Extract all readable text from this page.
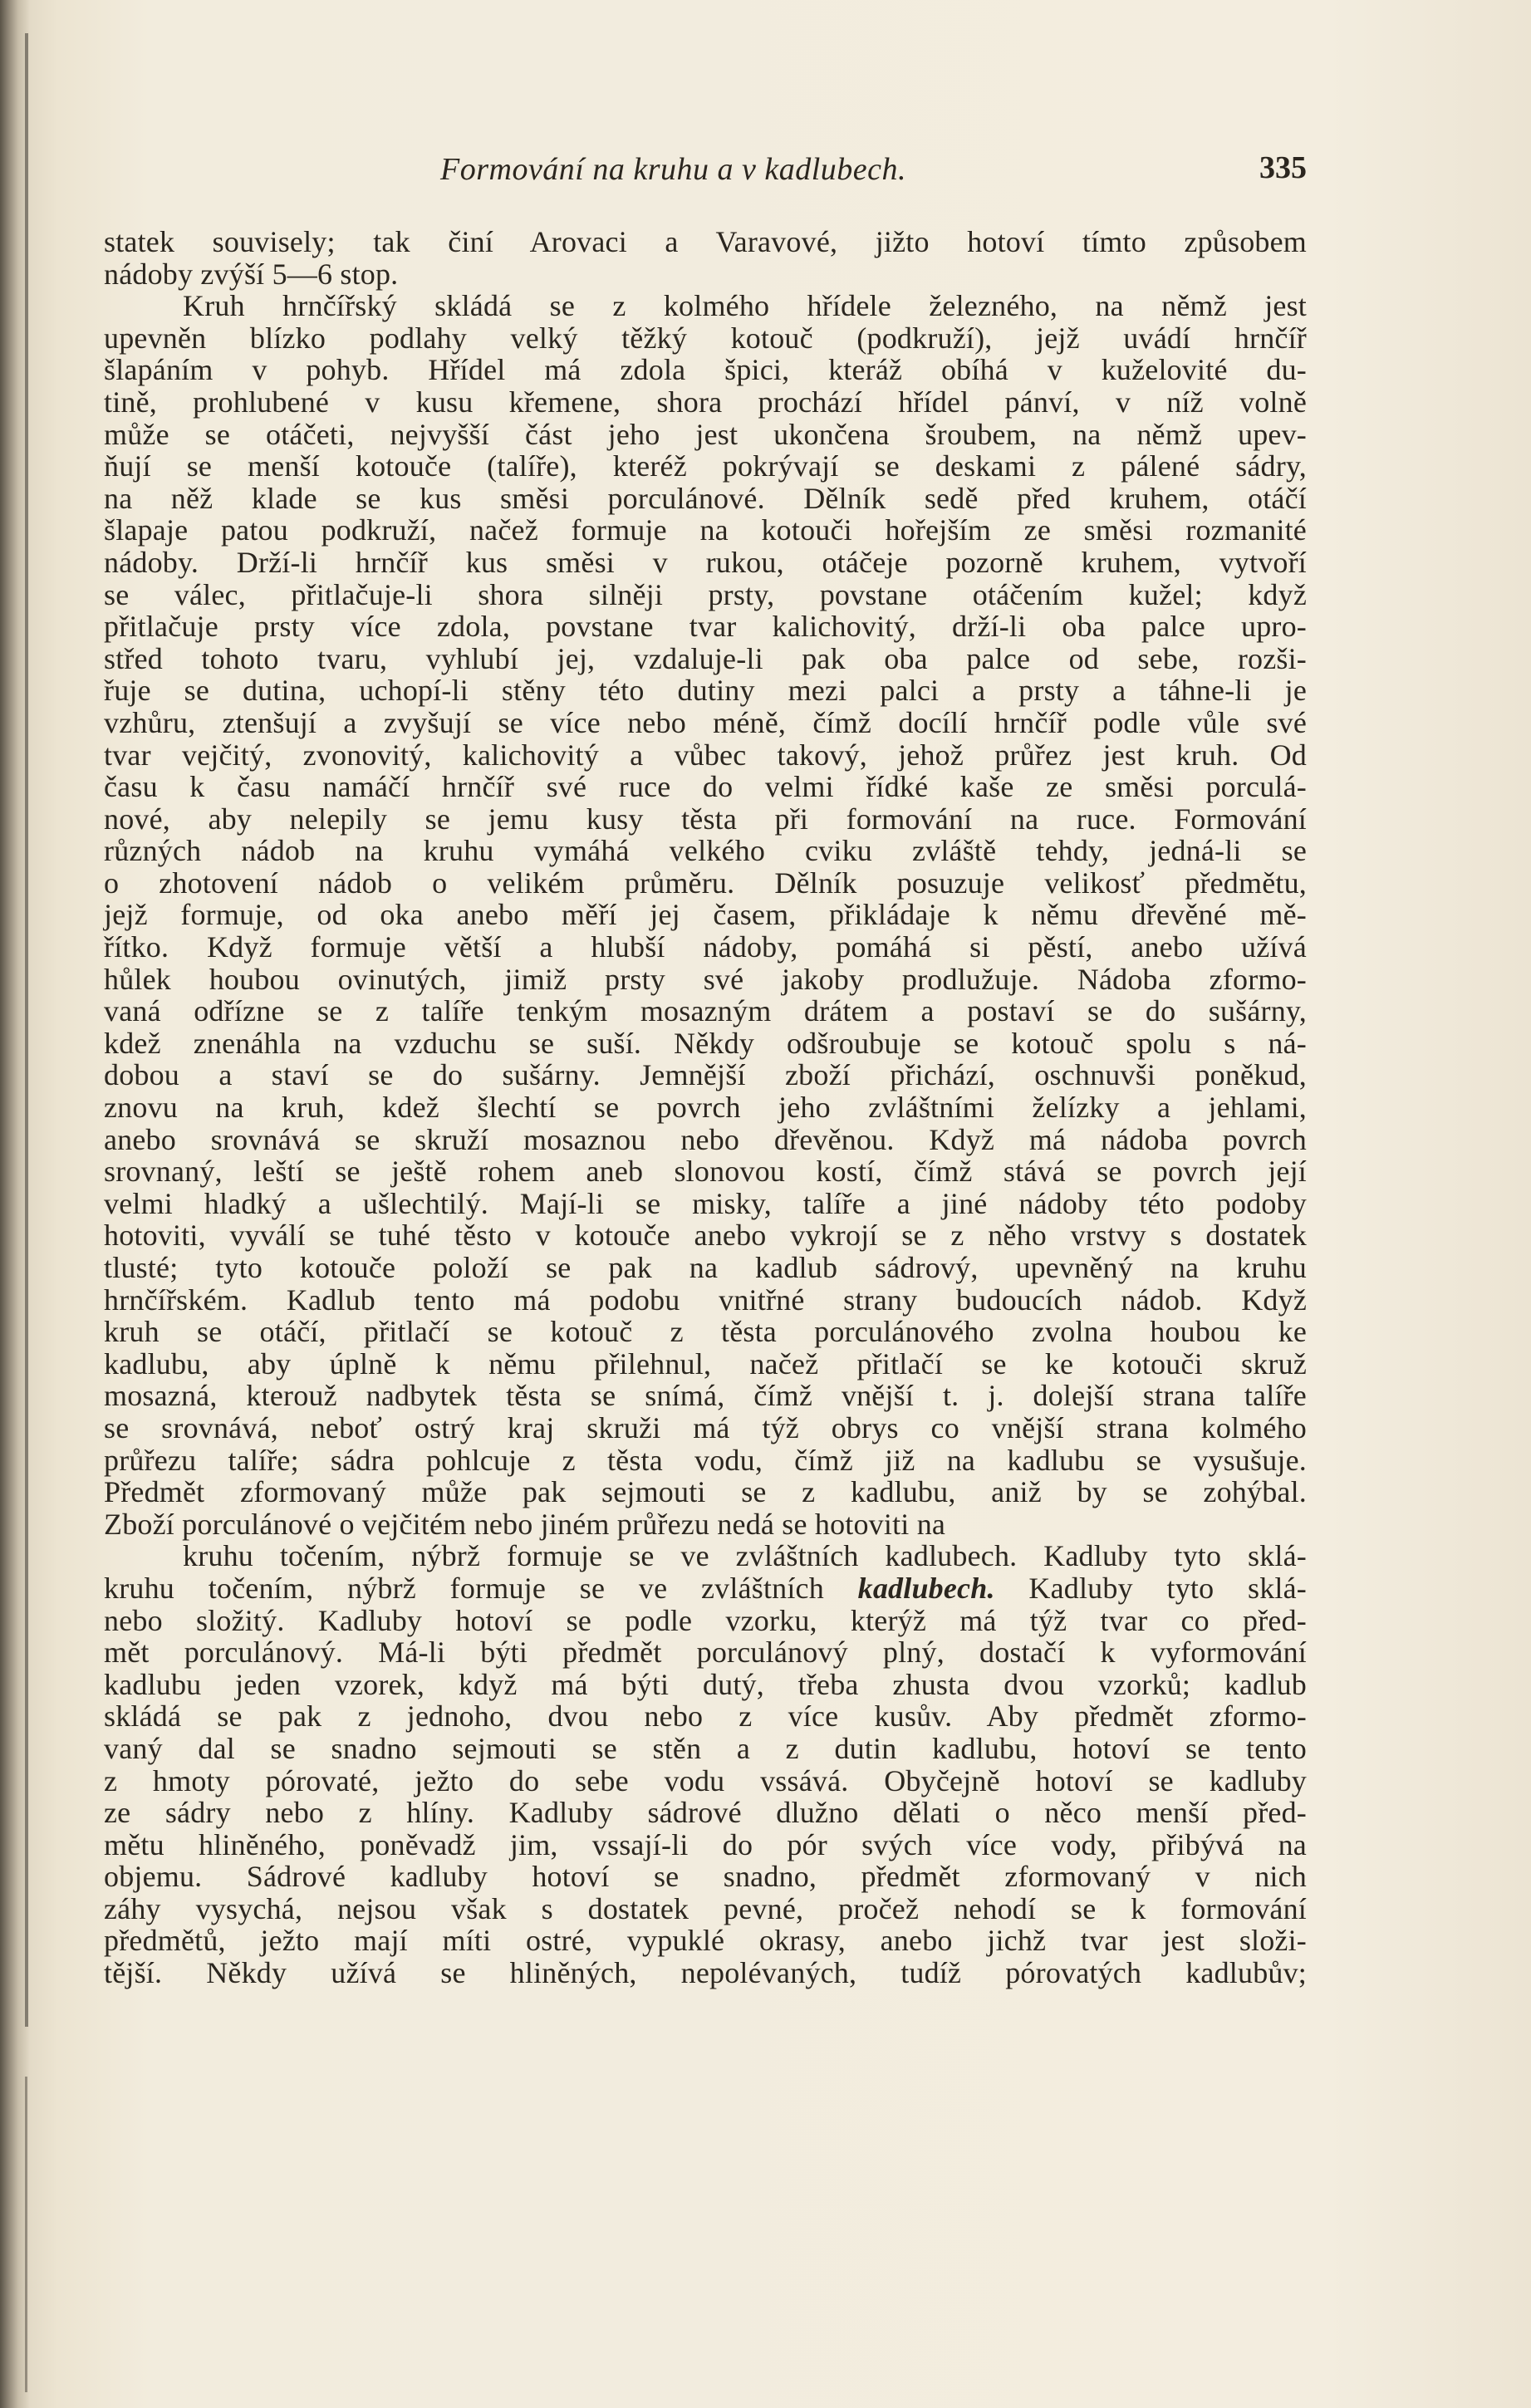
Formování na kruhu a v kadlubech.	335
statek souvisely; tak činí Arovaci a Varavové, jižto hotoví tímto způsobem
nádoby zvýší 5—6 stop.
Kruh hrnčířský skládá se z kolmého hřídele železného, na němž jest
upevněn blízko podlahy velký těžký kotouč (podkruží), jejž uvádí hrnčíř
šlapáním v pohyb. Hřídel má zdola špici, kteráž obíhá v kuželovité du-
tině, prohlubené v kusu křemene, shora prochází hřídel pánví, v níž volně
může se otáčeti, nejvyšší část jeho jest ukončena šroubem, na němž upev-
ňují se menší kotouče (talíře), kteréž pokrývají se deskami z pálené sádry,
na něž klade se kus směsi porculánové. Dělník sedě před kruhem, otáčí
šlapaje patou podkruží, načež formuje na kotouči hořejším ze směsi rozmanité
nádoby. Drží-li hrnčíř kus směsi v rukou, otáčeje pozorně kruhem, vytvoří
se válec, přitlačuje-li shora silněji prsty, povstane otáčením kužel; když
přitlačuje prsty více zdola, povstane tvar kalichovitý, drží-li oba palce upro-
střed tohoto tvaru, vyhlubí jej, vzdaluje-li pak oba palce od sebe, rozši-
řuje se dutina, uchopí-li stěny této dutiny mezi palci a prsty a táhne-li je
vzhůru, ztenšují a zvyšují se více nebo méně, čímž docílí hrnčíř podle vůle své
tvar vejčitý, zvonovitý, kalichovitý a vůbec takový, jehož průřez jest kruh. Od
času k času namáčí hrnčíř své ruce do velmi řídké kaše ze směsi porculá-
nové, aby nelepily se jemu kusy těsta při formování na ruce. Formování
různých nádob na kruhu vymáhá velkého cviku zvláště tehdy, jedná-li se
o zhotovení nádob o velikém průměru. Dělník posuzuje velikosť předmětu,
jejž formuje, od oka anebo měří jej časem, přikládaje k němu dřevěné mě-
řítko. Když formuje větší a hlubší nádoby, pomáhá si pěstí, anebo užívá
hůlek houbou ovinutých, jimiž prsty své jakoby prodlužuje. Nádoba zformo-
vaná odřízne se z talíře tenkým mosazným drátem a postaví se do sušárny,
kdež znenáhla na vzduchu se suší. Někdy odšroubuje se kotouč spolu s ná-
dobou a staví se do sušárny. Jemnější zboží přichází, oschnuvši poněkud,
znovu na kruh, kdež šlechtí se povrch jeho zvláštními želízky a jehlami,
anebo srovnává se skruží mosaznou nebo dřevěnou. Když má nádoba povrch
srovnaný, leští se ještě rohem aneb slonovou kostí, čímž stává se povrch její
velmi hladký a ušlechtilý. Mají-li se misky, talíře a jiné nádoby této podoby
hotoviti, vyválí se tuhé těsto v kotouče anebo vykrojí se z něho vrstvy s dostatek
tlusté; tyto kotouče položí se pak na kadlub sádrový, upevněný na kruhu
hrnčířském. Kadlub tento má podobu vnitřné strany budoucích nádob. Když
kruh se otáčí, přitlačí se kotouč z těsta porculánového zvolna houbou ke
kadlubu, aby úplně k němu přilehnul, načež přitlačí se ke kotouči skruž
mosazná, kterouž nadbytek těsta se snímá, čímž vnější t. j. dolejší strana talíře
se srovnává, neboť ostrý kraj skruži má týž obrys co vnější strana kolmého
průřezu talíře; sádra pohlcuje z těsta vodu, čímž již na kadlubu se vysušuje.
Předmět zformovaný může pak sejmouti se z kadlubu, aniž by se zohýbal.
Zboží porculánové o vejčitém nebo jiném průřezu nedá se hotoviti na
kruhu točením, nýbrž formuje se ve zvláštních kadlubech. Kadluby tyto sklá-
kruhu točením, nýbrž formuje se ve zvláštních kadlubech. Kadluby tyto sklá-
nebo složitý. Kadluby hotoví se podle vzorku, kterýž má týž tvar co před-
mět porculánový. Má-li býti předmět porculánový plný, dostačí k vyformování
kadlubu jeden vzorek, když má býti dutý, třeba zhusta dvou vzorků; kadlub
skládá se pak z jednoho, dvou nebo z více kusův. Aby předmět zformo-
vaný dal se snadno sejmouti se stěn a z dutin kadlubu, hotoví se tento
z hmoty pórovaté, ježto do sebe vodu vssává. Obyčejně hotoví se kadluby
ze sádry nebo z hlíny. Kadluby sádrové dlužno dělati o něco menší před-
mětu hliněného, poněvadž jim, vssají-li do pór svých více vody, přibývá na
objemu. Sádrové kadluby hotoví se snadno, předmět zformovaný v nich
záhy vysychá, nejsou však s dostatek pevné, pročež nehodí se k formování
předmětů, ježto mají míti ostré, vypuklé okrasy, anebo jichž tvar jest složi-
tější. Někdy užívá se hliněných, nepolévaných, tudíž pórovatých kadlubův;
